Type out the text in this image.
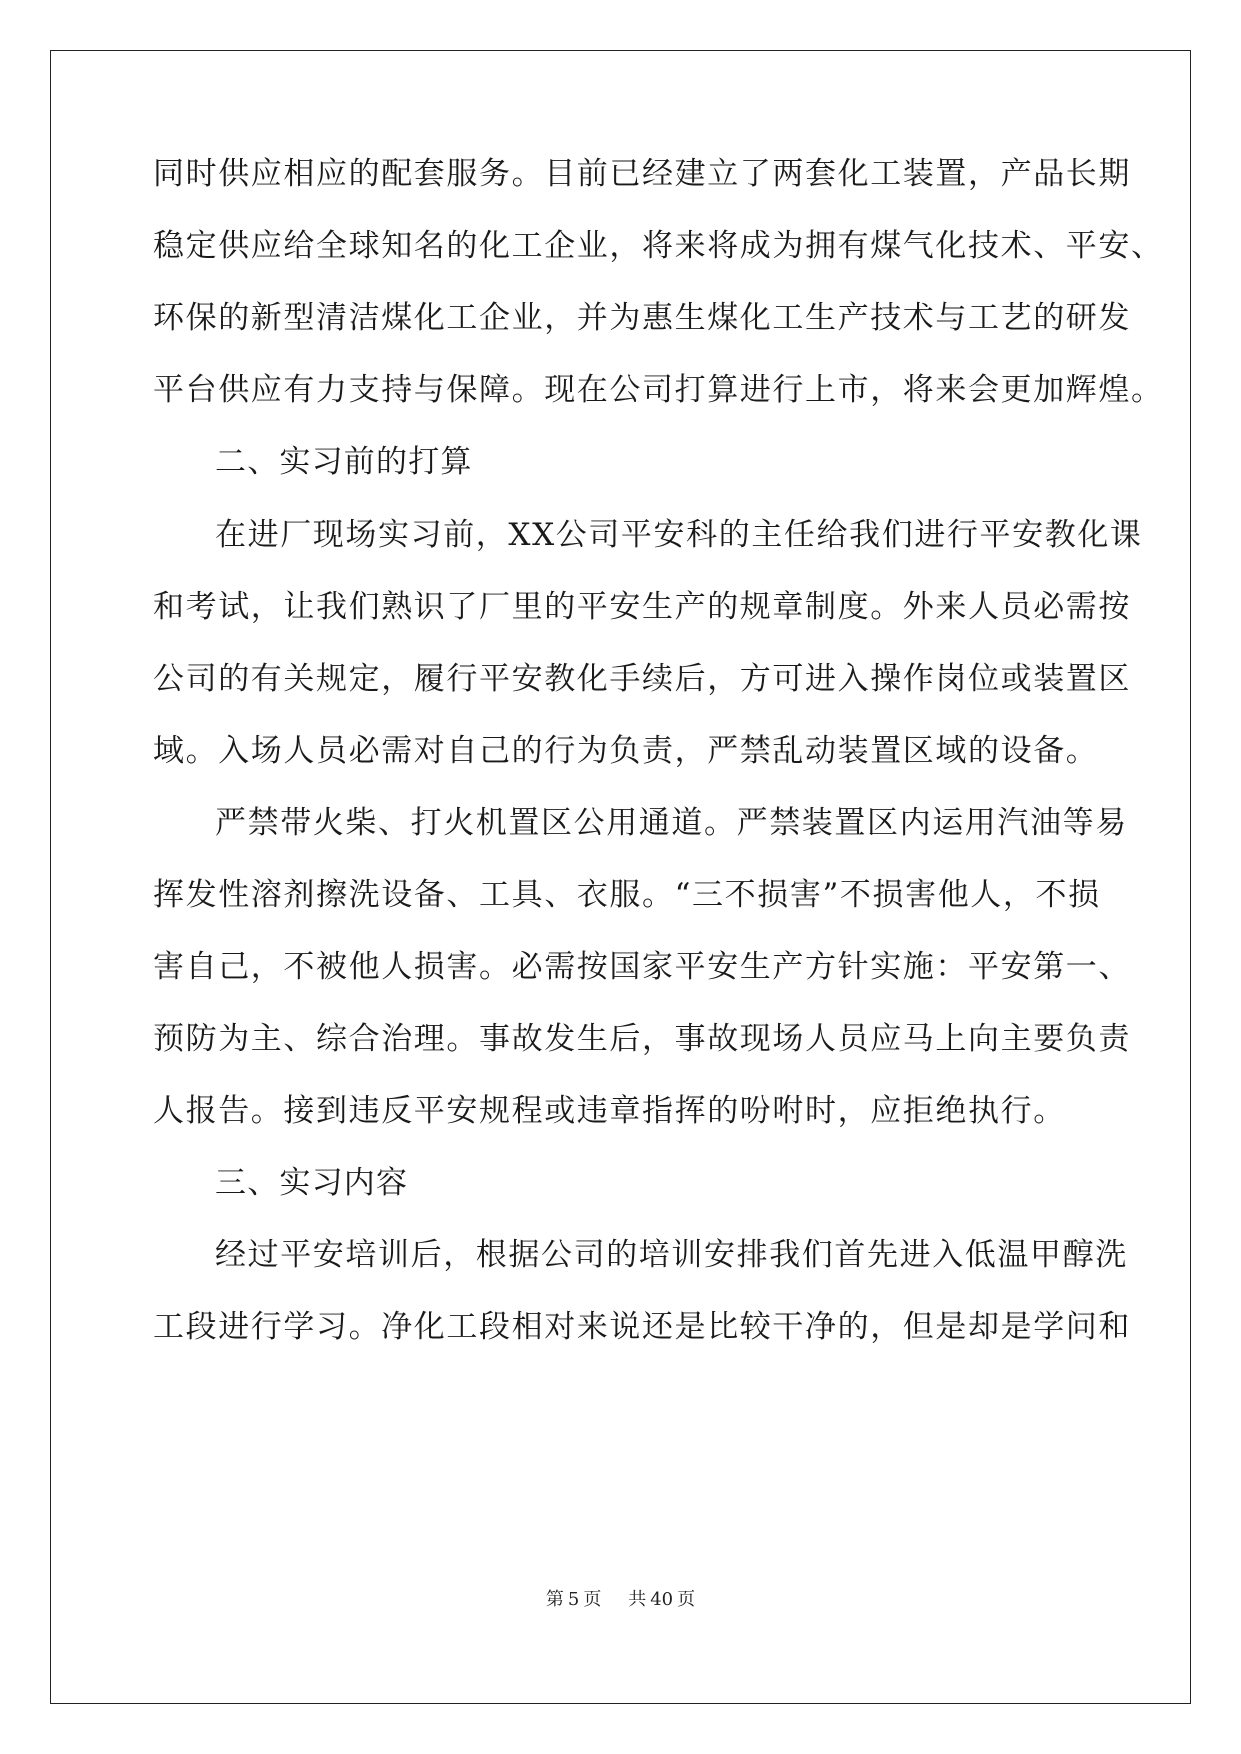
同时供应相应的配套服务。目前已经建立了两套化工装置，产品长期
稳定供应给全球知名的化工企业，将来将成为拥有煤气化技术、平安、
环保的新型清洁煤化工企业，并为惠生煤化工生产技术与工艺的研发
平台供应有力支持与保障。现在公司打算进行上市，将来会更加辉煌。
二、实习前的打算
在进厂现场实习前，XX公司平安科的主任给我们进行平安教化课
和考试，让我们熟识了厂里的平安生产的规章制度。外来人员必需按
公司的有关规定，履行平安教化手续后，方可进入操作岗位或装置区
域。入场人员必需对自己的行为负责，严禁乱动装置区域的设备。
严禁带火柴、打火机置区公用通道。严禁装置区内运用汽油等易
挥发性溶剂擦洗设备、工具、衣服。“三不损害”不损害他人，不损
害自己，不被他人损害。必需按国家平安生产方针实施：平安第一、
预防为主、综合治理。事故发生后，事故现场人员应马上向主要负责
人报告。接到违反平安规程或违章指挥的吩咐时，应拒绝执行。
三、实习内容
经过平安培训后，根据公司的培训安排我们首先进入低温甲醇洗
工段进行学习。净化工段相对来说还是比较干净的，但是却是学问和
第 5 页 共 40 页
